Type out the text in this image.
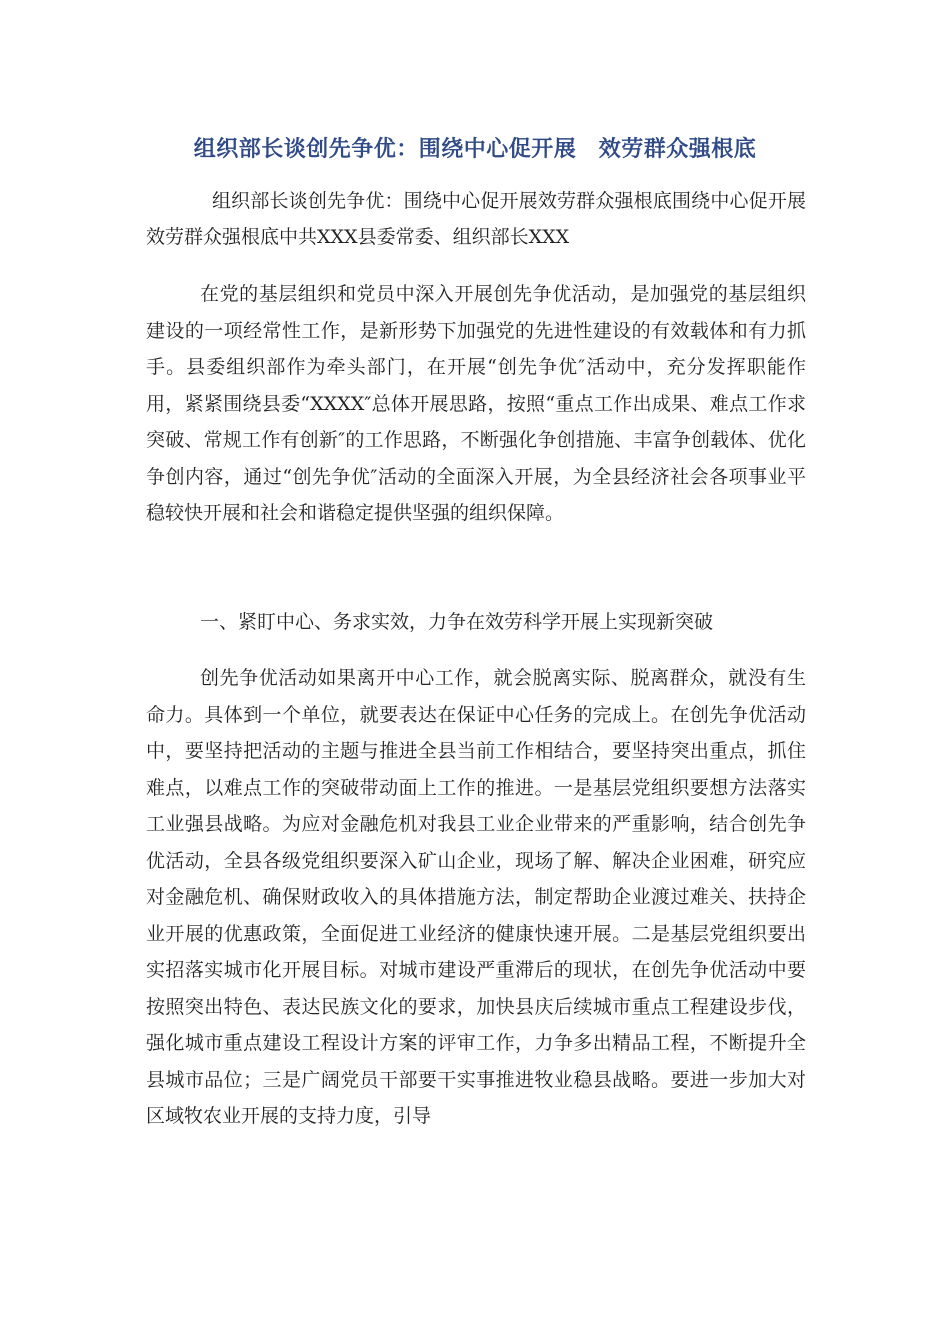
组织部长谈创先争优：围绕中心促开展　效劳群众强根底

组织部长谈创先争优：围绕中心促开展效劳群众强根底围绕中心促开展效劳群众强根底中共XXX县委常委、组织部长XXX

在党的基层组织和党员中深入开展创先争优活动，是加强党的基层组织建设的一项经常性工作，是新形势下加强党的先进性建设的有效载体和有力抓手。县委组织部作为牵头部门，在开展“创先争优″活动中，充分发挥职能作用，紧紧围绕县委“XXXX″总体开展思路，按照“重点工作出成果、难点工作求突破、常规工作有创新″的工作思路，不断强化争创措施、丰富争创载体、优化争创内容，通过“创先争优″活动的全面深入开展，为全县经济社会各项事业平稳较快开展和社会和谐稳定提供坚强的组织保障。

一、紧盯中心、务求实效，力争在效劳科学开展上实现新突破

创先争优活动如果离开中心工作，就会脱离实际、脱离群众，就没有生命力。具体到一个单位，就要表达在保证中心任务的完成上。在创先争优活动中，要坚持把活动的主题与推进全县当前工作相结合，要坚持突出重点，抓住难点，以难点工作的突破带动面上工作的推进。一是基层党组织要想方法落实工业强县战略。为应对金融危机对我县工业企业带来的严重影响，结合创先争优活动，全县各级党组织要深入矿山企业，现场了解、解决企业困难，研究应对金融危机、确保财政收入的具体措施方法，制定帮助企业渡过难关、扶持企业开展的优惠政策，全面促进工业经济的健康快速开展。二是基层党组织要出实招落实城市化开展目标。对城市建设严重滞后的现状，在创先争优活动中要按照突出特色、表达民族文化的要求，加快县庆后续城市重点工程建设步伐，强化城市重点建设工程设计方案的评审工作，力争多出精品工程，不断提升全县城市品位；三是广阔党员干部要干实事推进牧业稳县战略。要进一步加大对区域牧农业开展的支持力度，引导
